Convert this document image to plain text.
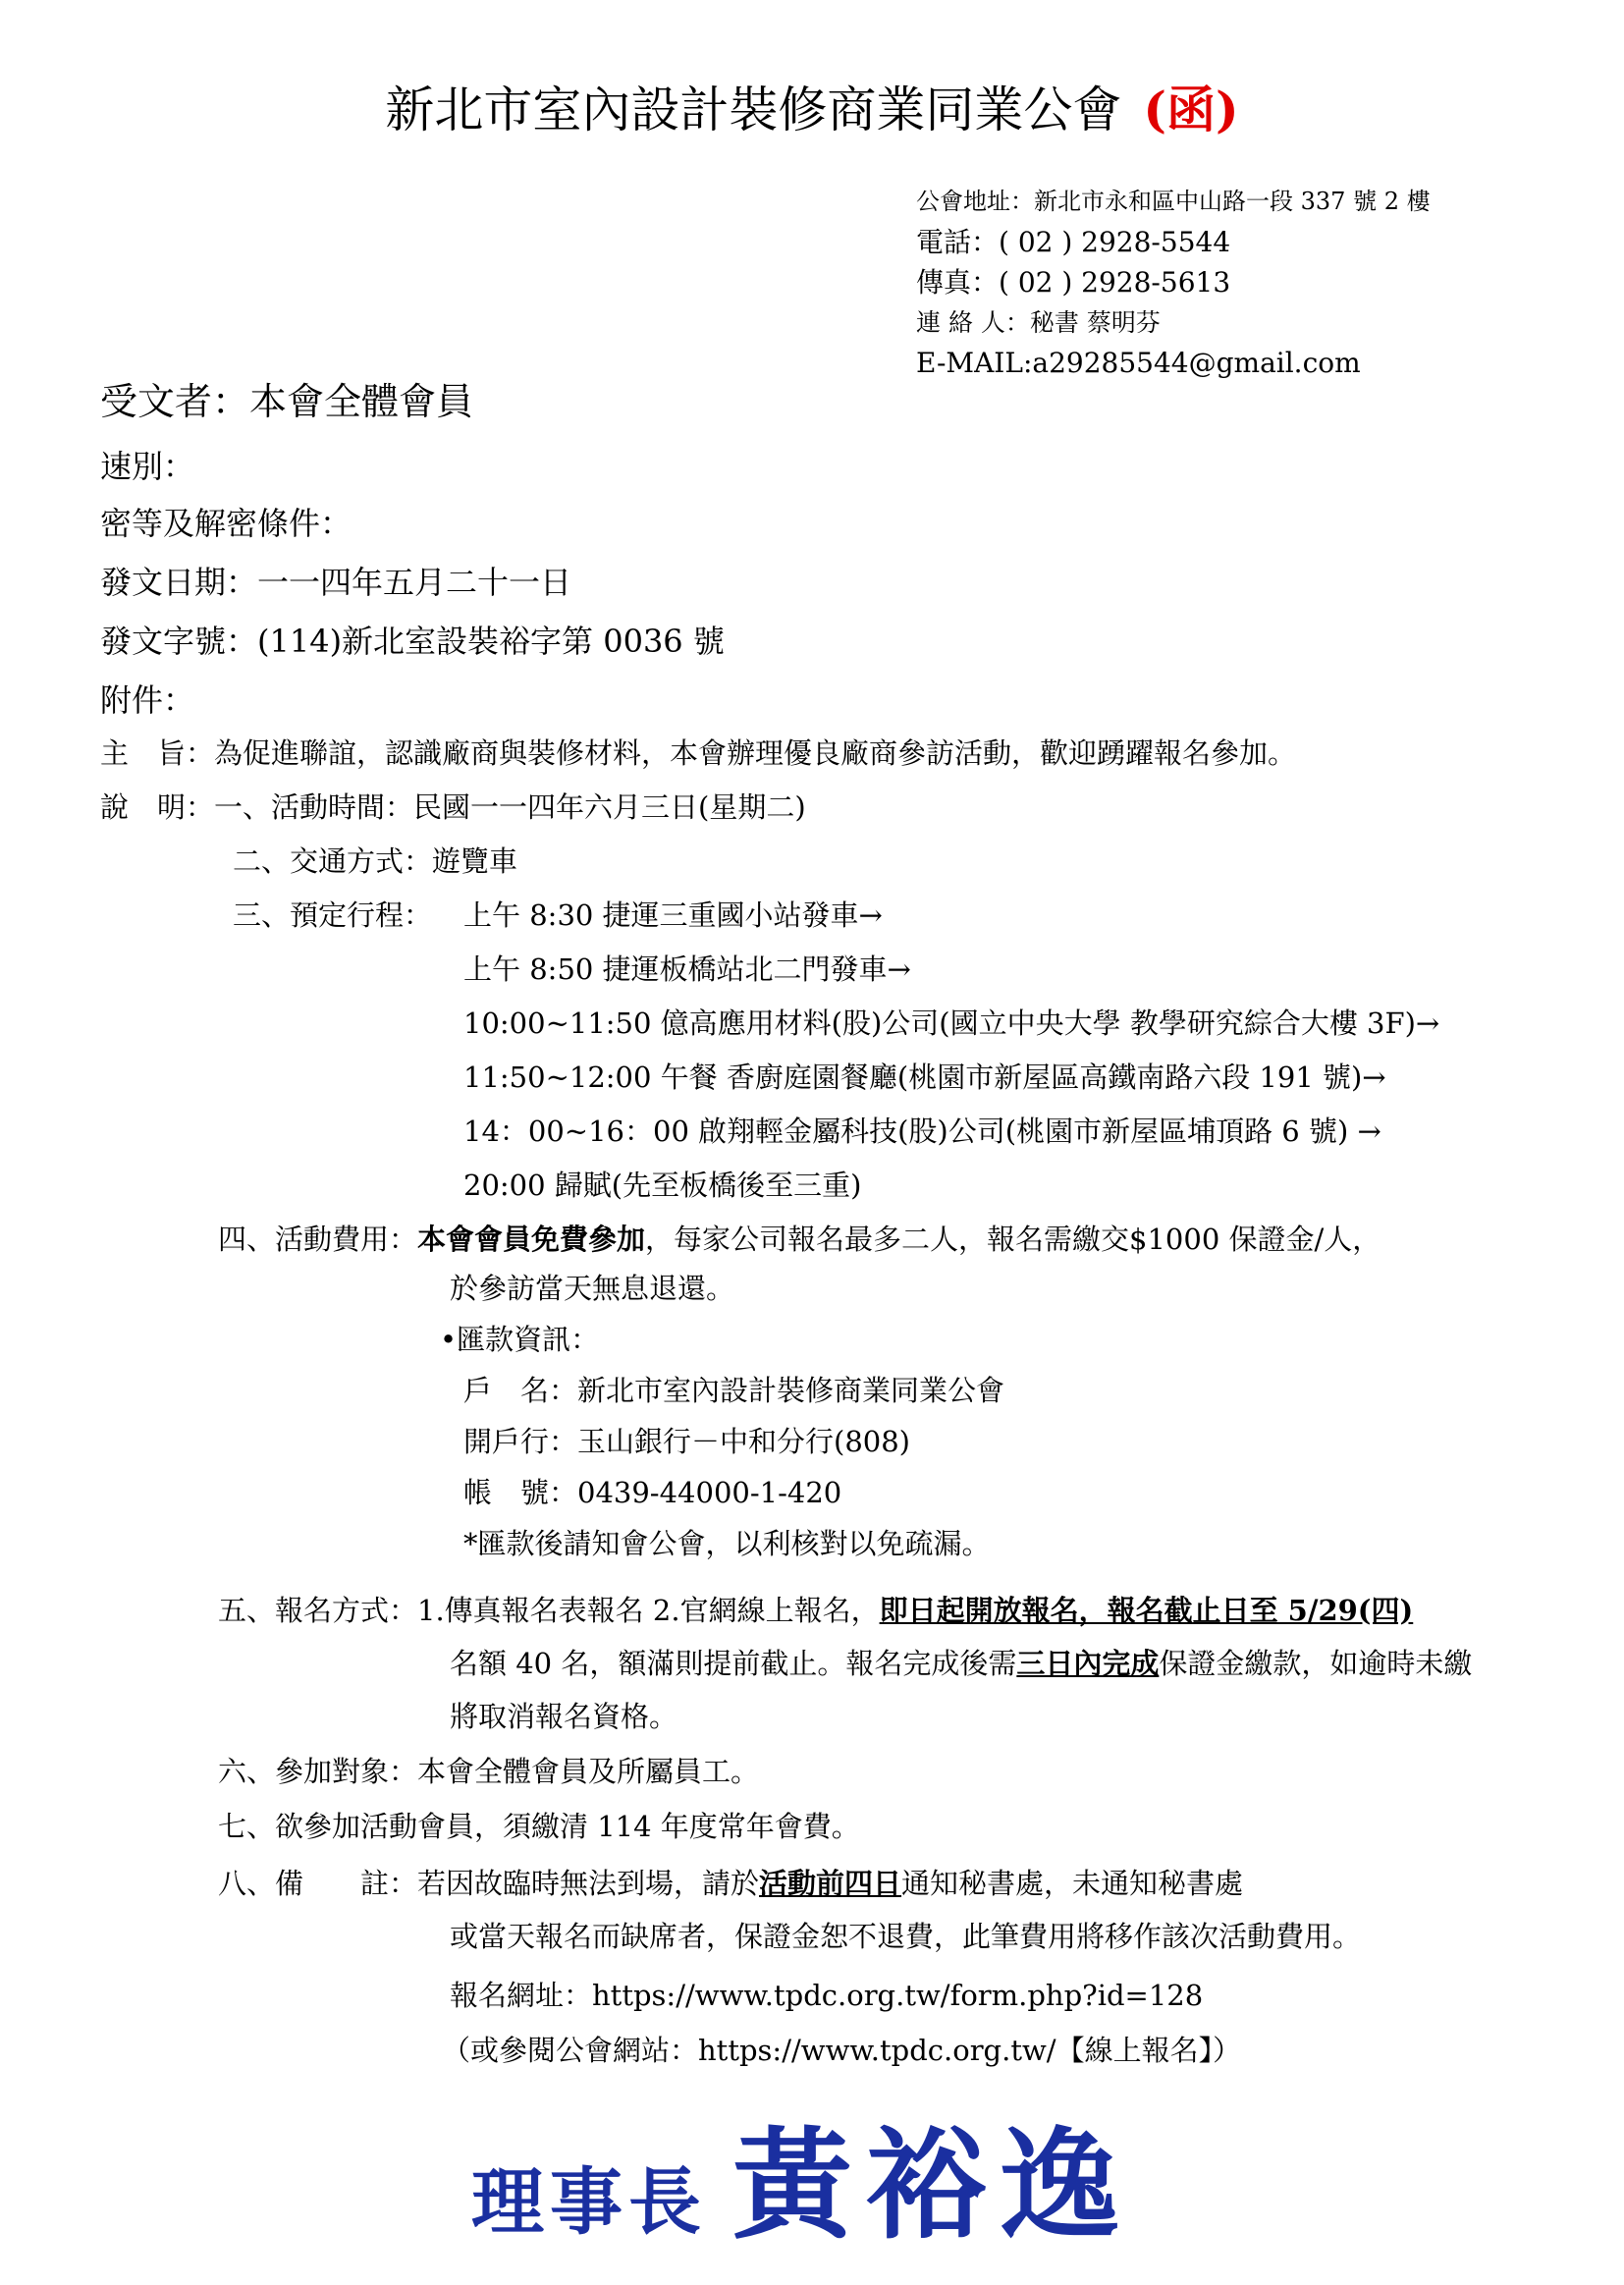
新北市室內設計裝修商業同業公會 (函)
公會地址：新北市永和區中山路一段 337 號 2 樓
電話：( 02 ) 2928-5544
傳真：( 02 ) 2928-5613
連 絡 人：秘書 蔡明芬
E-MAIL:a29285544@gmail.com
受文者：本會全體會員
速別：
密等及解密條件：
發文日期：一一四年五月二十一日
發文字號：(114)新北室設裝裕字第 0036 號
附件：
主　旨：為促進聯誼，認識廠商與裝修材料，本會辦理優良廠商參訪活動，歡迎踴躍報名參加。
說　明：一、活動時間：民國一一四年六月三日(星期二)
二、交通方式：遊覽車
三、預定行程： 上午 8:30 捷運三重國小站發車→
上午 8:50 捷運板橋站北二門發車→
10:00~11:50 億高應用材料(股)公司(國立中央大學 教學研究綜合大樓 3F)→
11:50~12:00 午餐 香廚庭園餐廳(桃園市新屋區高鐵南路六段 191 號)→
14：00~16：00 啟翔輕金屬科技(股)公司(桃園市新屋區埔頂路 6 號) →
20:00 歸賦(先至板橋後至三重)
四、活動費用：本會會員免費參加，每家公司報名最多二人，報名需繳交$1000 保證金/人，
於參訪當天無息退還。
•匯款資訊：
戶　名：新北市室內設計裝修商業同業公會
開戶行：玉山銀行－中和分行(808)
帳　號：0439-44000-1-420
*匯款後請知會公會，以利核對以免疏漏。
五、報名方式：1.傳真報名表報名 2.官網線上報名，即日起開放報名，報名截止日至 5/29(四)
名額 40 名，額滿則提前截止。報名完成後需三日內完成保證金繳款，如逾時未繳
將取消報名資格。
六、參加對象：本會全體會員及所屬員工。
七、欲參加活動會員，須繳清 114 年度常年會費。
八、備　　註：若因故臨時無法到場，請於活動前四日通知秘書處，未通知秘書處
或當天報名而缺席者，保證金恕不退費，此筆費用將移作該次活動費用。
報名網址：https://www.tpdc.org.tw/form.php?id=128
（或參閱公會網站：https://www.tpdc.org.tw/【線上報名】）
理事長 黃裕逸
